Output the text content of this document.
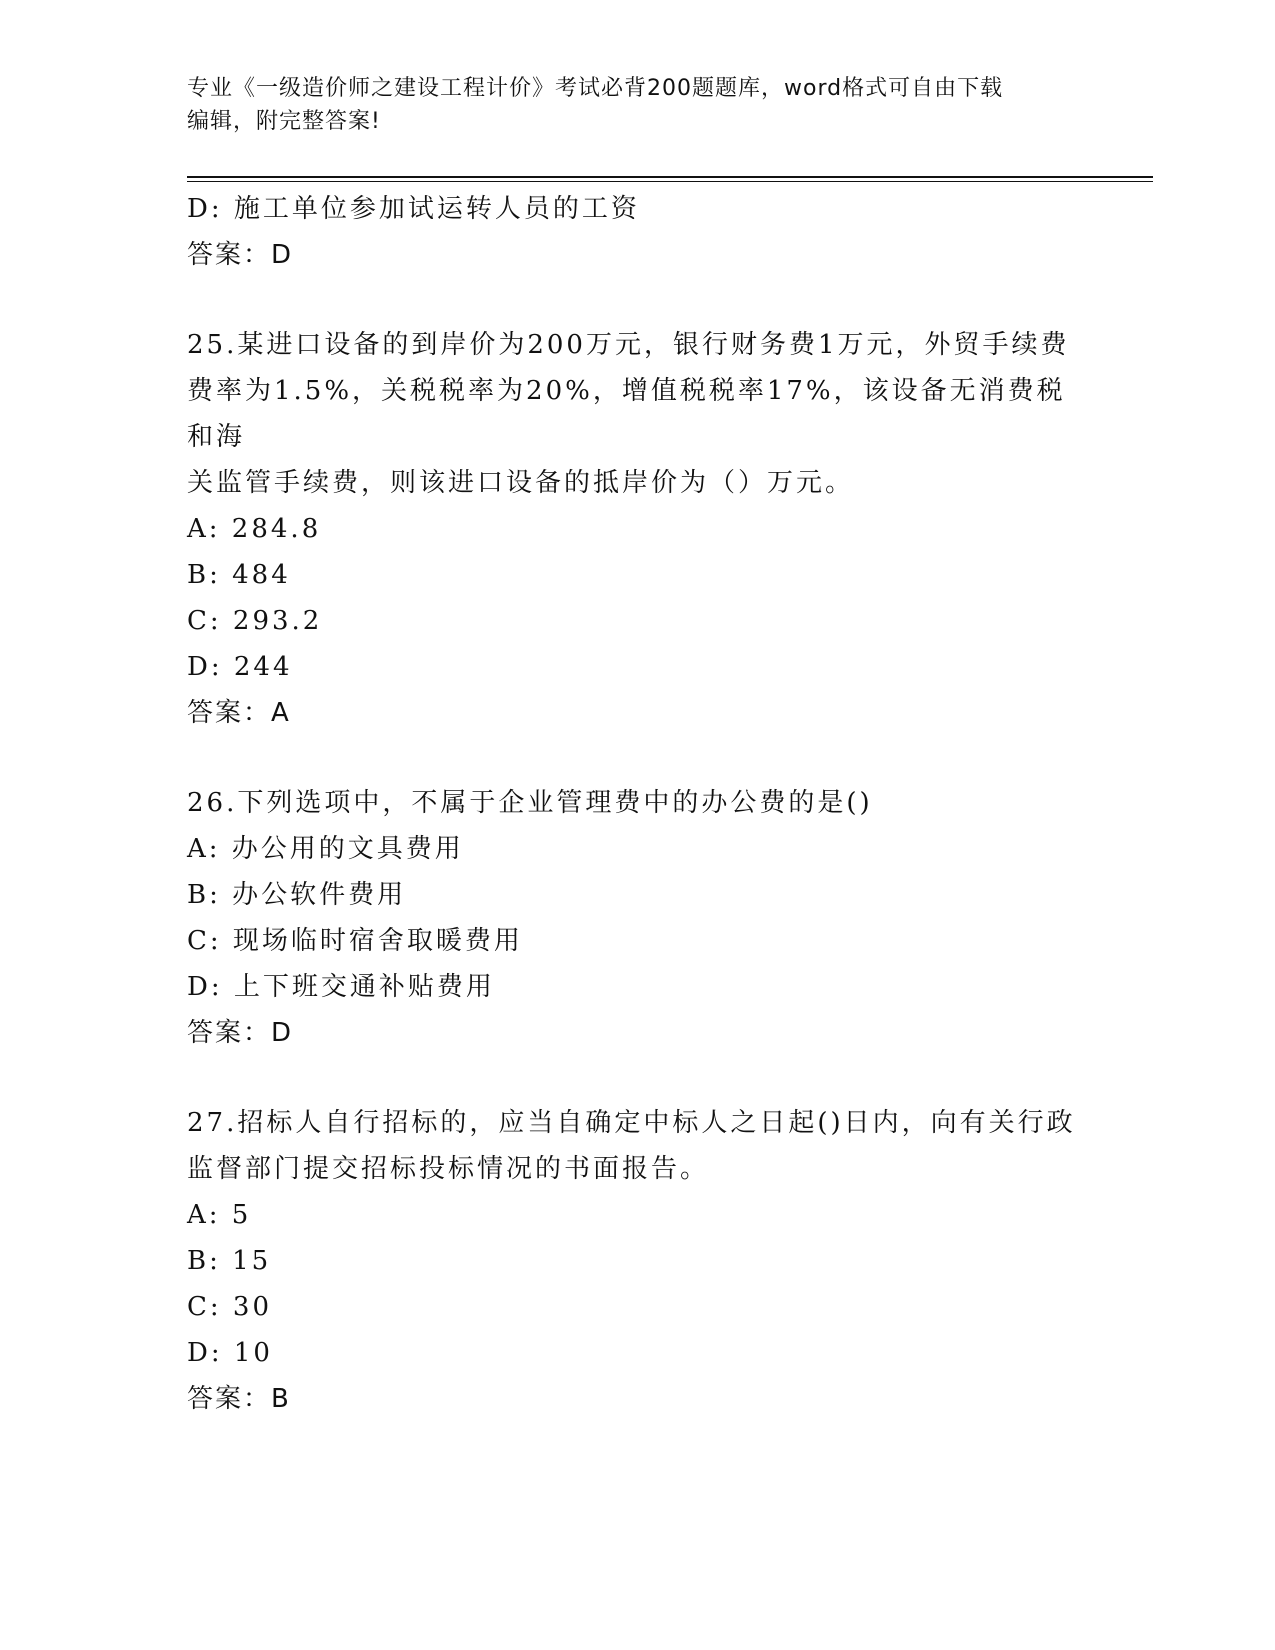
专业《一级造价师之建设工程计价》考试必背200题题库，word格式可自由下载
编辑，附完整答案!
D: 施工单位参加试运转人员的工资
答案：D
25.某进口设备的到岸价为200万元，银行财务费1万元，外贸手续费
费率为1.5%，关税税率为20%，增值税税率17%，该设备无消费税和海
关监管手续费，则该进口设备的抵岸价为（）万元。
A: 284.8
B: 484
C: 293.2
D: 244
答案：A
26.下列选项中，不属于企业管理费中的办公费的是()
A: 办公用的文具费用
B: 办公软件费用
C: 现场临时宿舍取暖费用
D: 上下班交通补贴费用
答案：D
27.招标人自行招标的，应当自确定中标人之日起()日内，向有关行政
监督部门提交招标投标情况的书面报告。
A: 5
B: 15
C: 30
D: 10
答案：B
